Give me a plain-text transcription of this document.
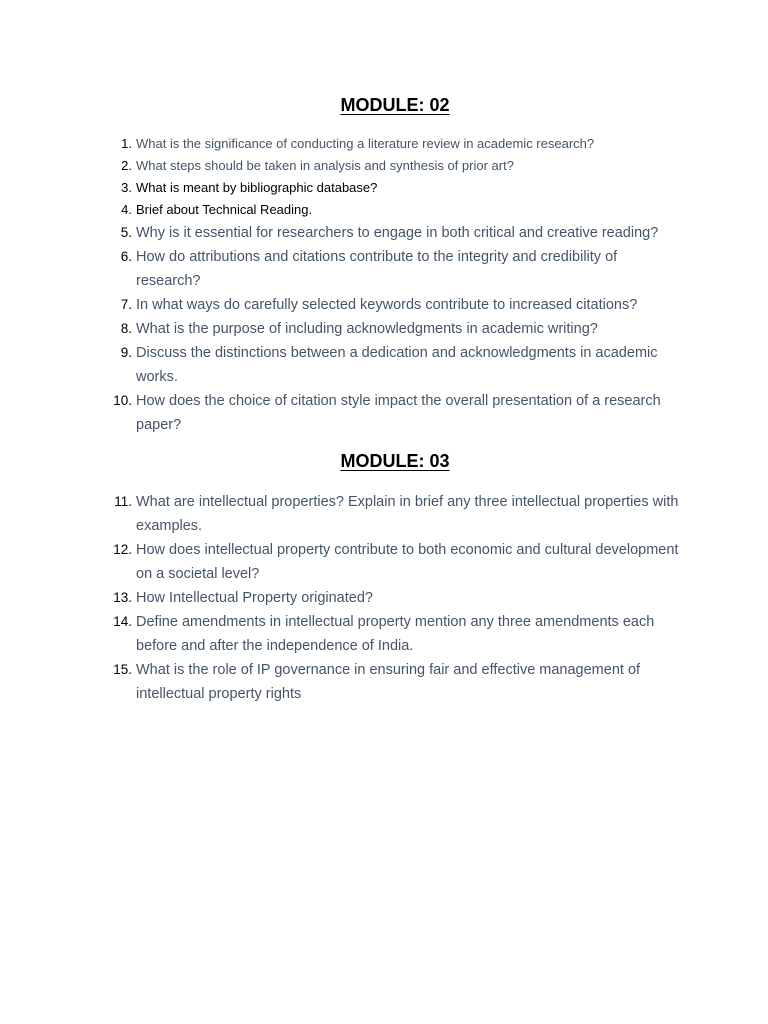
MODULE: 02
1. What is the significance of conducting a literature review in academic research?
2. What steps should be taken in analysis and synthesis of prior art?
3. What is meant by bibliographic database?
4. Brief about Technical Reading.
5. Why is it essential for researchers to engage in both critical and creative reading?
6. How do attributions and citations contribute to the integrity and credibility of research?
7. In what ways do carefully selected keywords contribute to increased citations?
8. What is the purpose of including acknowledgments in academic writing?
9. Discuss the distinctions between a dedication and acknowledgments in academic works.
10. How does the choice of citation style impact the overall presentation of a research paper?
MODULE: 03
11. What are intellectual properties? Explain in brief any three intellectual properties with examples.
12. How does intellectual property contribute to both economic and cultural development on a societal level?
13. How Intellectual Property originated?
14. Define amendments in intellectual property mention any three amendments each before and after the independence of India.
15. What is the role of IP governance in ensuring fair and effective management of intellectual property rights
